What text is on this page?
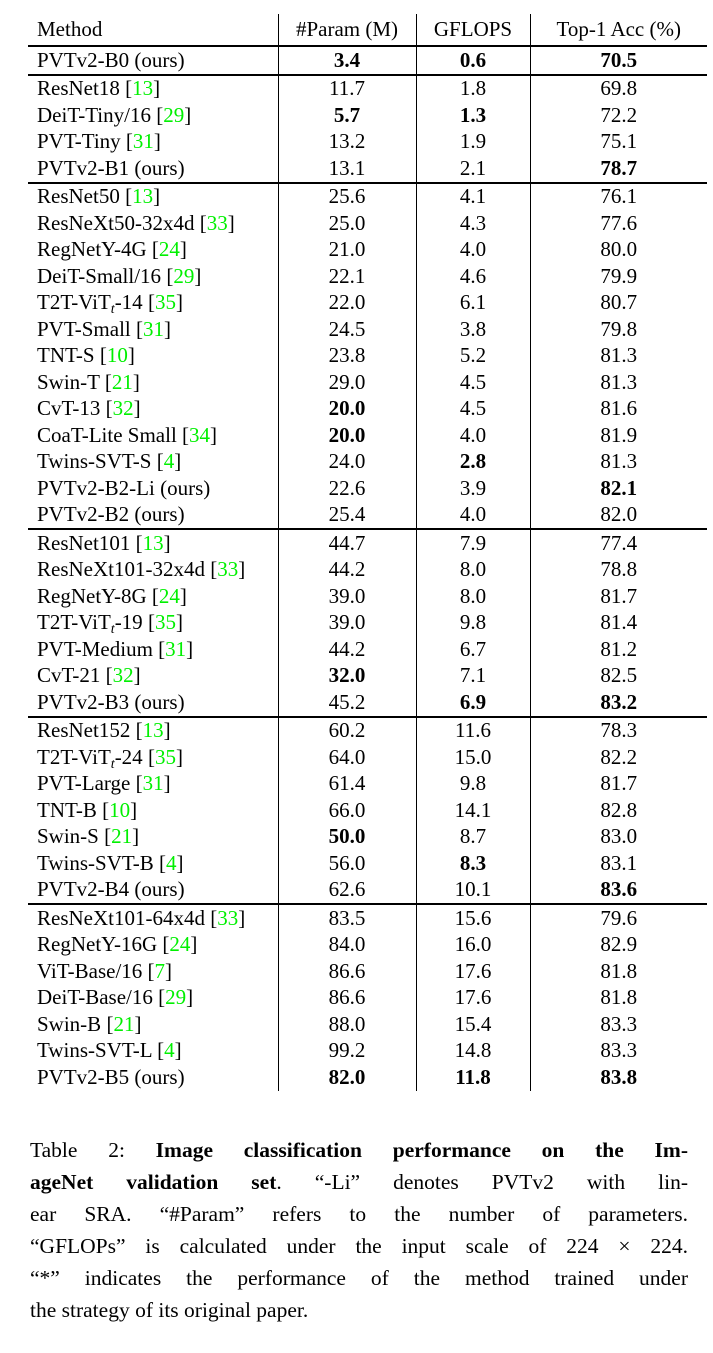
Method	#Param (M)	GFLOPS	Top-1 Acc (%)
PVTv2-B0 (ours)	3.4	0.6	70.5
ResNet18 [13]	11.7	1.8	69.8
DeiT-Tiny/16 [29]	5.7	1.3	72.2
PVT-Tiny [31]	13.2	1.9	75.1
PVTv2-B1 (ours)	13.1	2.1	78.7
ResNet50 [13]	25.6	4.1	76.1
ResNeXt50-32x4d [33]	25.0	4.3	77.6
RegNetY-4G [24]	21.0	4.0	80.0
DeiT-Small/16 [29]	22.1	4.6	79.9
T2T-ViT$_t$-14 [35]	22.0	6.1	80.7
PVT-Small [31]	24.5	3.8	79.8
TNT-S [10]	23.8	5.2	81.3
Swin-T [21]	29.0	4.5	81.3
CvT-13 [32]	20.0	4.5	81.6
CoaT-Lite Small [34]	20.0	4.0	81.9
Twins-SVT-S [4]	24.0	2.8	81.3
PVTv2-B2-Li (ours)	22.6	3.9	82.1
PVTv2-B2 (ours)	25.4	4.0	82.0
ResNet101 [13]	44.7	7.9	77.4
ResNeXt101-32x4d [33]	44.2	8.0	78.8
RegNetY-8G [24]	39.0	8.0	81.7
T2T-ViT$_t$-19 [35]	39.0	9.8	81.4
PVT-Medium [31]	44.2	6.7	81.2
CvT-21 [32]	32.0	7.1	82.5
PVTv2-B3 (ours)	45.2	6.9	83.2
ResNet152 [13]	60.2	11.6	78.3
T2T-ViT$_t$-24 [35]	64.0	15.0	82.2
PVT-Large [31]	61.4	9.8	81.7
TNT-B [10]	66.0	14.1	82.8
Swin-S [21]	50.0	8.7	83.0
Twins-SVT-B [4]	56.0	8.3	83.1
PVTv2-B4 (ours)	62.6	10.1	83.6
ResNeXt101-64x4d [33]	83.5	15.6	79.6
RegNetY-16G [24]	84.0	16.0	82.9
ViT-Base/16 [7]	86.6	17.6	81.8
DeiT-Base/16 [29]	86.6	17.6	81.8
Swin-B [21]	88.0	15.4	83.3
Twins-SVT-L [4]	99.2	14.8	83.3
PVTv2-B5 (ours)	82.0	11.8	83.8
Table 2: Image classification performance on the Im-
ageNet validation set. “-Li” denotes PVTv2 with lin-
ear SRA. “#Param” refers to the number of parameters.
“GFLOPs” is calculated under the input scale of 224 × 224.
“*” indicates the performance of the method trained under
the strategy of its original paper.
